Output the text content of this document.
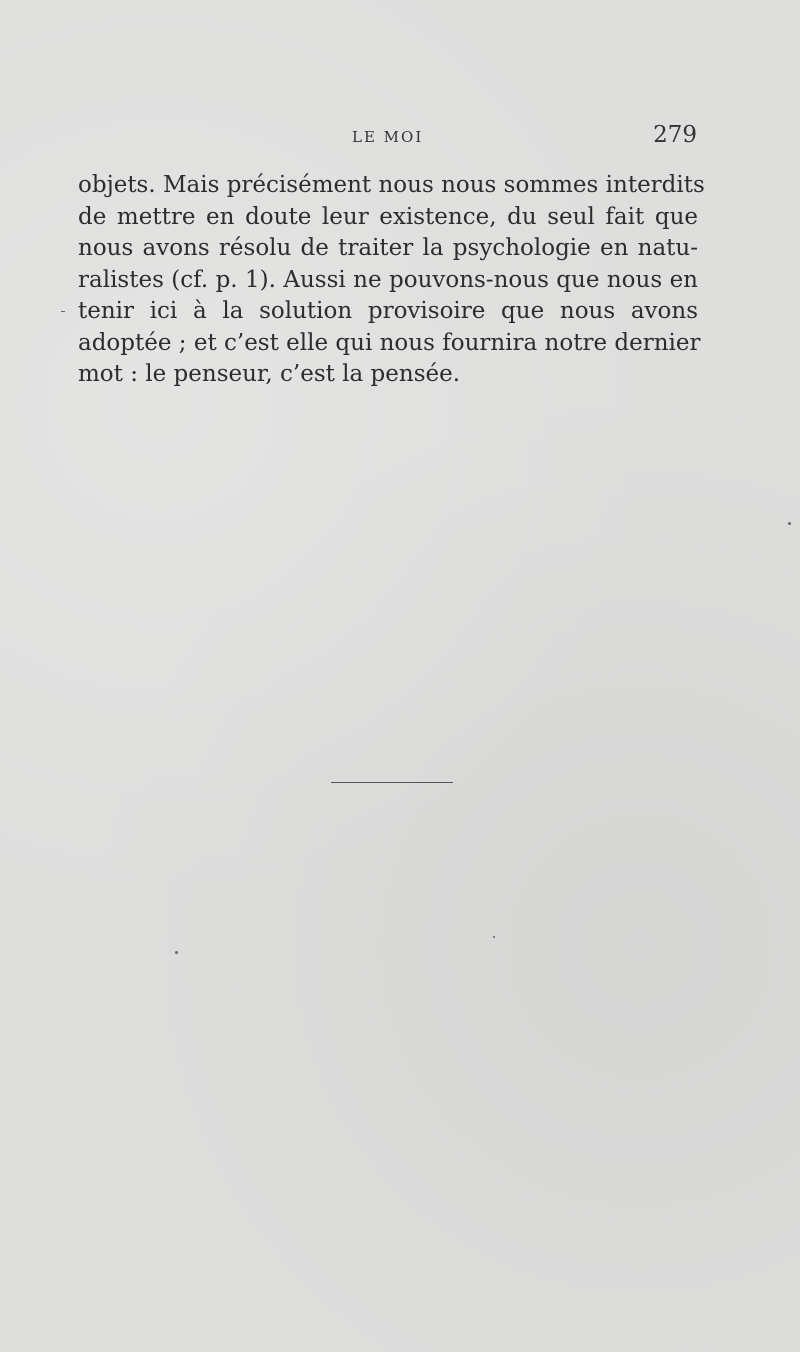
LE MOI	279
objets. Mais précisément nous nous sommes interdits
de mettre en doute leur existence, du seul fait que
nous avons résolu de traiter la psychologie en natu-
ralistes (cf. p. 1). Aussi ne pouvons-nous que nous en
tenir ici à la solution provisoire que nous avons
adoptée ; et c’est elle qui nous fournira notre dernier
mot : le penseur, c’est la pensée.
